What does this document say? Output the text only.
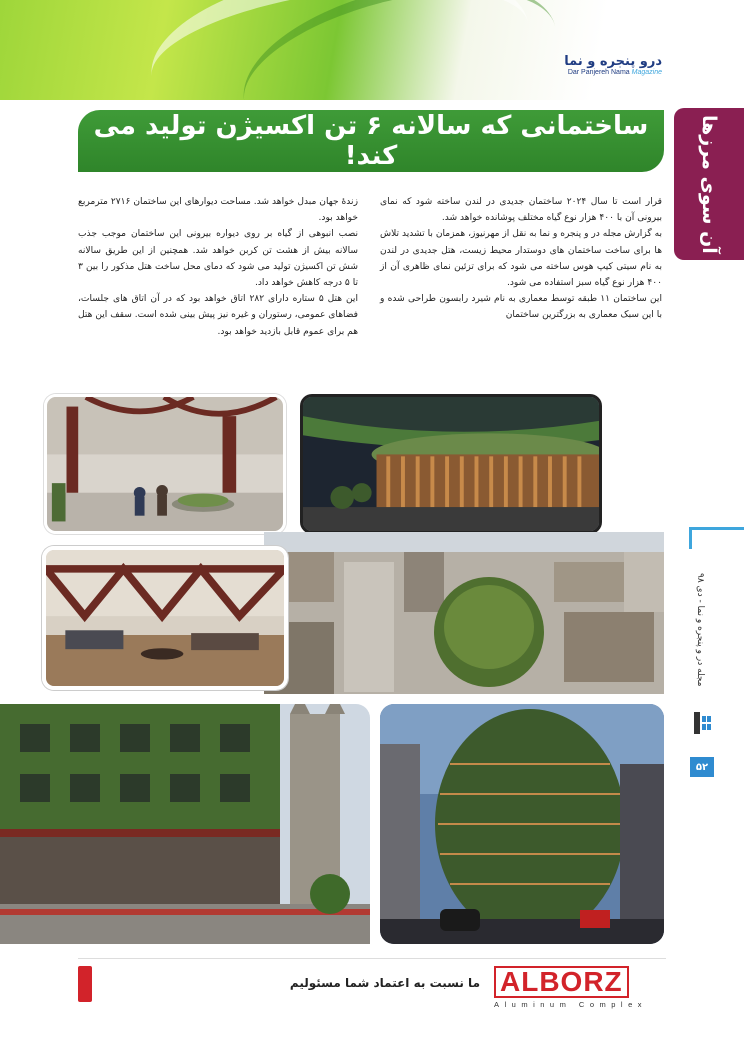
درو پنجره و نما
Dar Panjereh Nama Magazine
ساختمانی که سالانه ۶ تن اکسیژن تولید می کند!	آن سوی مرزها

قرار است تا سال ۲۰۲۴ ساختمان جدیدی در لندن ساخته شود که نمای بیرونی آن با ۴۰۰ هزار نوع گیاه مختلف پوشانده خواهد شد.

به گزارش مجله در و پنجره و نما به نقل از مهرنیوز، همزمان با تشدید تلاش ها برای ساخت ساختمان های دوستدار محیط زیست، هتل جدیدی در لندن به نام سیتی کیپ هوس ساخته می شود که برای تزئین نمای ظاهری آن از ۴۰۰ هزار نوع گیاه سبز استفاده می شود.

این ساختمان ۱۱ طبقه توسط معماری به نام شیرد رابسون طراحی شده و با این سبک معماری به بزرگترین ساختمان

زندۀ جهان مبدل خواهد شد. مساحت دیوارهای این ساختمان ۲۷۱۶ مترمربع خواهد بود.

نصب انبوهی از گیاه بر روی دیواره بیرونی این ساختمان موجب جذب سالانه بیش از هشت تن کربن خواهد شد. همچنین از این طریق سالانه شش تن اکسیژن تولید می شود که دمای محل ساخت هتل مذکور را بین ۳ تا ۵ درجه کاهش خواهد داد.

این هتل ۵ ستاره دارای ۲۸۲ اتاق خواهد بود که در آن اتاق های جلسات، فضاهای عمومی، رستوران و غیره نیز پیش بینی شده است. سقف این هتل هم برای عموم قابل بازدید خواهد بود.

مجله در و پنجره و نما - دی ۹۸
۵۲
ما نسبت به اعتماد شما مسئولیم ALBORZ
Aluminum Complex
